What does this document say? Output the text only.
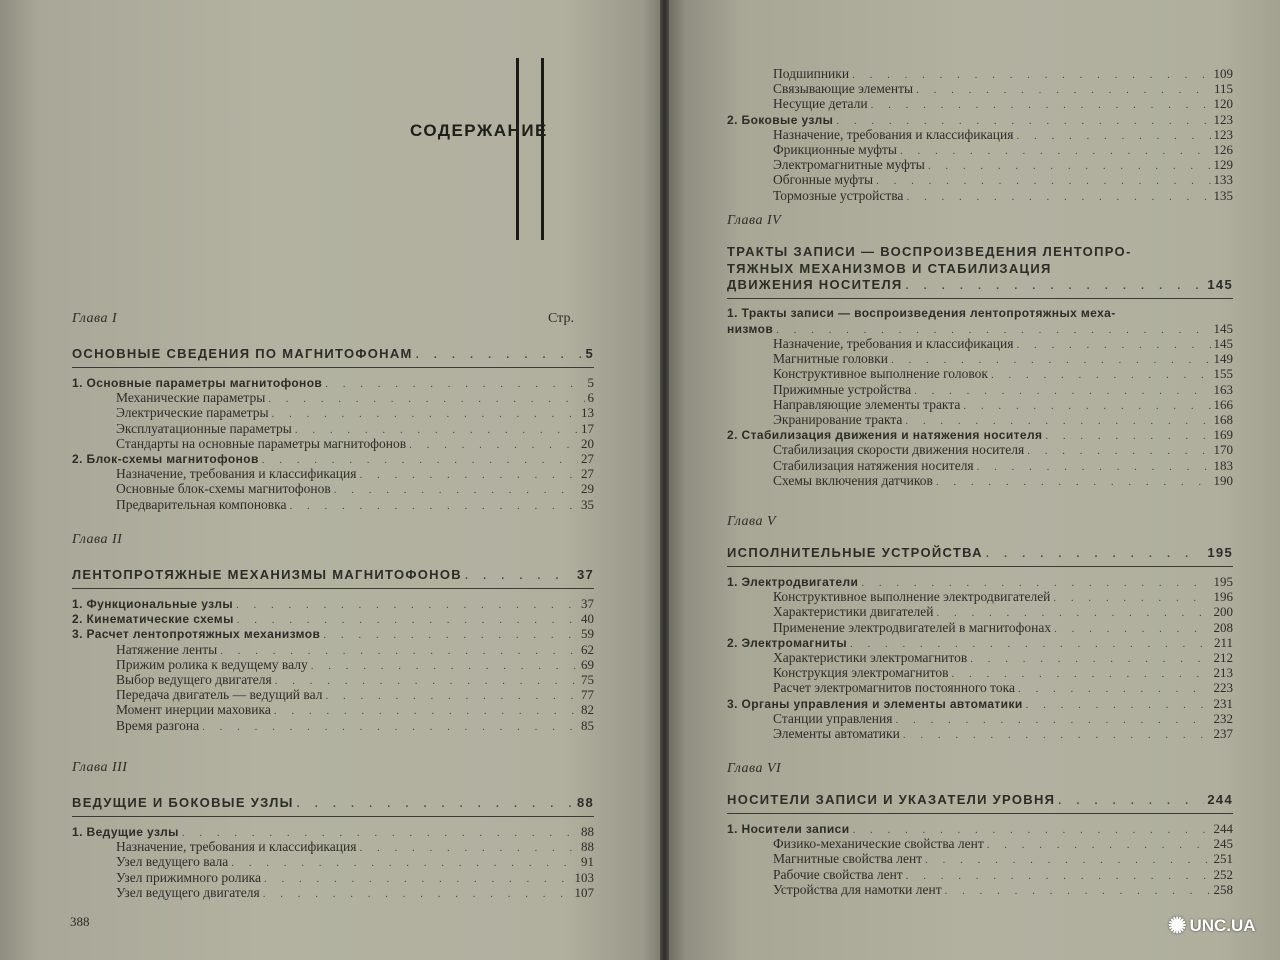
СОДЕРЖАНИЕ
Стр.
Глава I
ОСНОВНЫЕ СВЕДЕНИЯ ПО МАГНИТОФОНАМ . . .	5
1. Основные параметры магнитофонов . . .	5
Механические параметры . . .	6
Электрические параметры . . .	13
Эксплуатационные параметры . . .	17
Стандарты на основные параметры магнитофонов . . .	20
2. Блок-схемы магнитофонов . . .	27
Назначение, требования и классификация . . .	27
Основные блок-схемы магнитофонов . . .	29
Предварительная компоновка . . .	35
Глава II
ЛЕНТОПРОТЯЖНЫЕ МЕХАНИЗМЫ МАГНИТОФОНОВ . . .	37
1. Функциональные узлы . . .	37
2. Кинематические схемы . . .	40
3. Расчет лентопротяжных механизмов . . .	59
Натяжение ленты . . .	62
Прижим ролика к ведущему валу . . .	69
Выбор ведущего двигателя . . .	75
Передача двигатель — ведущий вал . . .	77
Момент инерции маховика . . .	82
Время разгона . . .	85
Глава III
ВЕДУЩИЕ И БОКОВЫЕ УЗЛЫ . . .	88
1. Ведущие узлы . . .	88
Назначение, требования и классификация . . .	88
Узел ведущего вала . . .	91
Узел прижимного ролика . . .	103
Узел ведущего двигателя . . .	107
Подшипники . . .	109
Связывающие элементы . . .	115
Несущие детали . . .	120
2. Боковые узлы . . .	123
Назначение, требования и классификация . . .	123
Фрикционные муфты . . .	126
Электромагнитные муфты . . .	129
Обгонные муфты . . .	133
Тормозные устройства . . .	135
Глава IV
ТРАКТЫ ЗАПИСИ — ВОСПРОИЗВЕДЕНИЯ ЛЕНТОПРО-
ТЯЖНЫХ МЕХАНИЗМОВ И СТАБИЛИЗАЦИЯ
ДВИЖЕНИЯ НОСИТЕЛЯ . . .	145
1. Тракты записи — воспроизведения лентопротяжных меха-
низмов . . .	145
Назначение, требования и классификация . . .	145
Магнитные головки . . .	149
Конструктивное выполнение головок . . .	155
Прижимные устройства . . .	163
Направляющие элементы тракта . . .	166
Экранирование тракта . . .	168
2. Стабилизация движения и натяжения носителя . . .	169
Стабилизация скорости движения носителя . . .	170
Стабилизация натяжения носителя . . .	183
Схемы включения датчиков . . .	190
Глава V
ИСПОЛНИТЕЛЬНЫЕ УСТРОЙСТВА . . .	195
1. Электродвигатели . . .	195
Конструктивное выполнение электродвигателей . . .	196
Характеристики двигателей . . .	200
Применение электродвигателей в магнитофонах . . .	208
2. Электромагниты . . .	211
Характеристики электромагнитов . . .	212
Конструкция электромагнитов . . .	213
Расчет электромагнитов постоянного тока . . .	223
3. Органы управления и элементы автоматики . . .	231
Станции управления . . .	232
Элементы автоматики . . .	237
Глава VI
НОСИТЕЛИ ЗАПИСИ И УКАЗАТЕЛИ УРОВНЯ . . .	244
1. Носители записи . . .	244
Физико-механические свойства лент . . .	245
Магнитные свойства лент . . .	251
Рабочие свойства лент . . .	252
Устройства для намотки лент . . .	258
388	✺ UNC.UA
